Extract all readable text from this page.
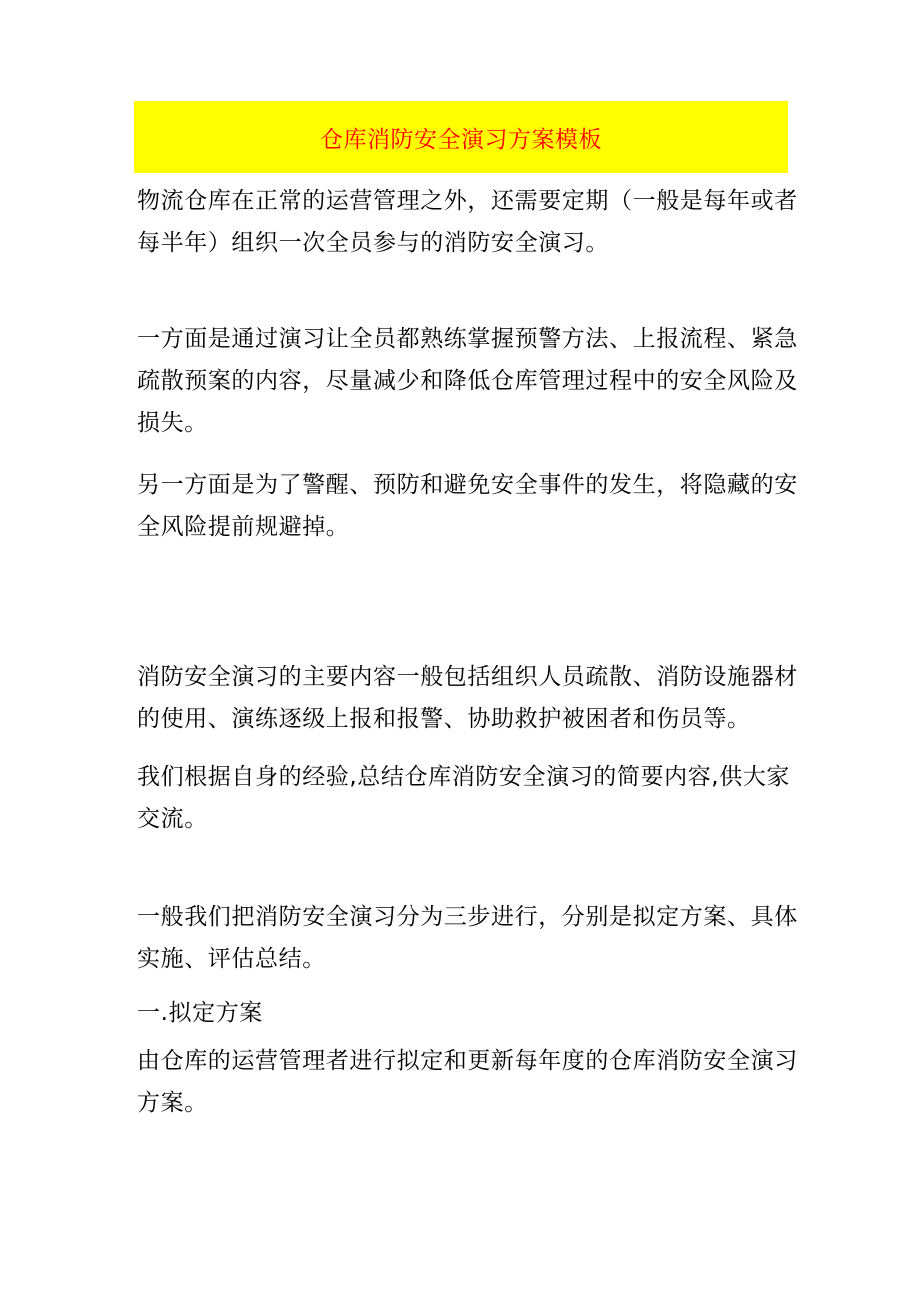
仓库消防安全演习方案模板
物流仓库在正常的运营管理之外，还需要定期（一般是每年或者
每半年）组织一次全员参与的消防安全演习。
一方面是通过演习让全员都熟练掌握预警方法、上报流程、紧急
疏散预案的内容，尽量减少和降低仓库管理过程中的安全风险及
损失。
另一方面是为了警醒、预防和避免安全事件的发生，将隐藏的安
全风险提前规避掉。
消防安全演习的主要内容一般包括组织人员疏散、消防设施器材
的使用、演练逐级上报和报警、协助救护被困者和伤员等。
我们根据自身的经验,总结仓库消防安全演习的简要内容,供大家
交流。
一般我们把消防安全演习分为三步进行，分别是拟定方案、具体
实施、评估总结。
一.拟定方案
由仓库的运营管理者进行拟定和更新每年度的仓库消防安全演习
方案。
